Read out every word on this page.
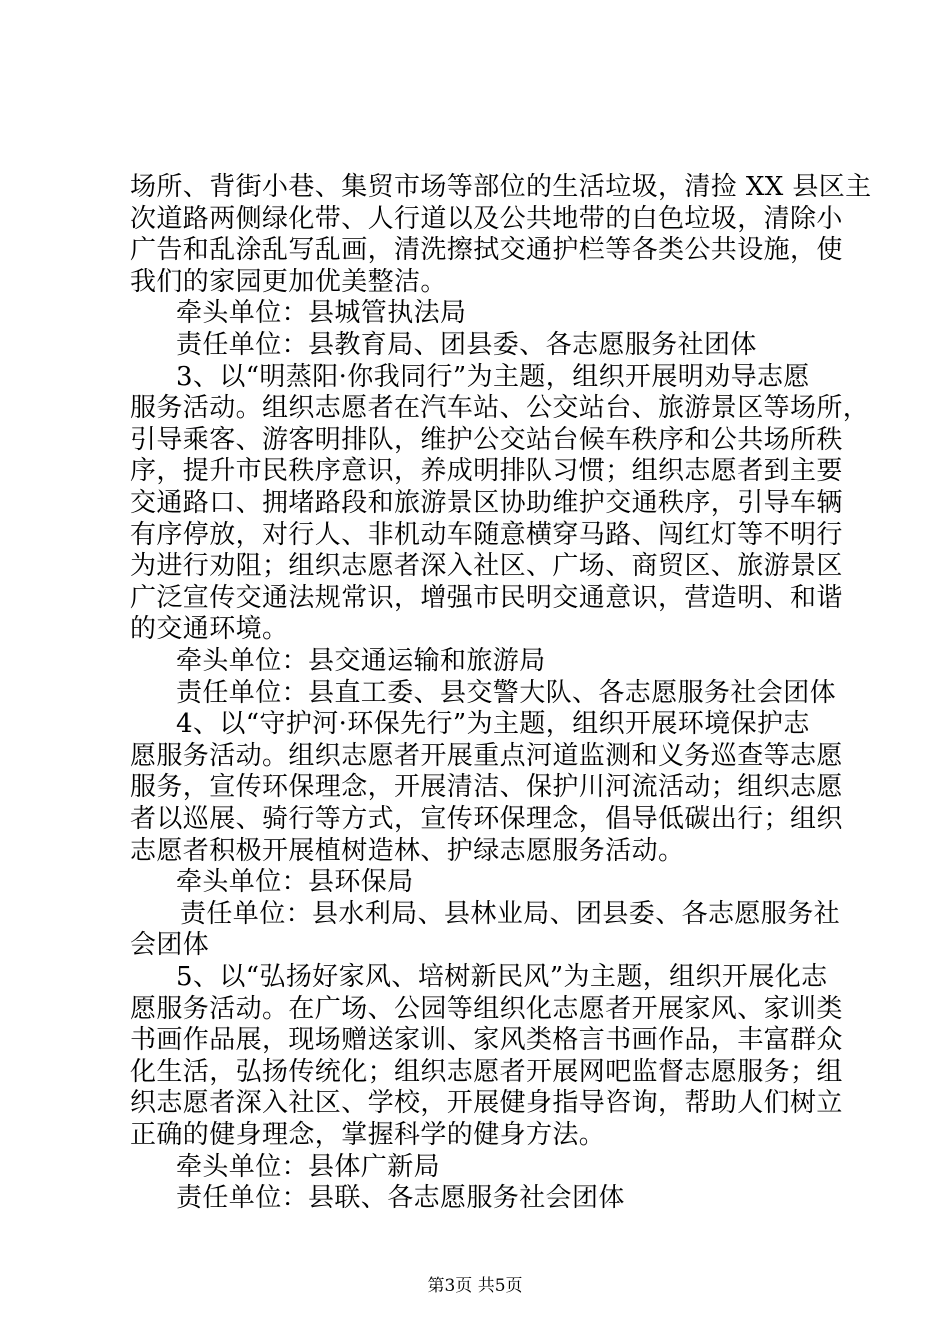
场所、背街小巷、集贸市场等部位的生活垃圾，清捡 XX 县区主
次道路两侧绿化带、人行道以及公共地带的白色垃圾，清除小
广告和乱涂乱写乱画，清洗擦拭交通护栏等各类公共设施，使
我们的家园更加优美整洁。
牵头单位：县城管执法局
责任单位：县教育局、团县委、各志愿服务社团体
3、以“明蒸阳·你我同行”为主题，组织开展明劝导志愿
服务活动。组织志愿者在汽车站、公交站台、旅游景区等场所，
引导乘客、游客明排队，维护公交站台候车秩序和公共场所秩
序，提升市民秩序意识，养成明排队习惯；组织志愿者到主要
交通路口、拥堵路段和旅游景区协助维护交通秩序，引导车辆
有序停放，对行人、非机动车随意横穿马路、闯红灯等不明行
为进行劝阻；组织志愿者深入社区、广场、商贸区、旅游景区
广泛宣传交通法规常识，增强市民明交通意识，营造明、和谐
的交通环境。
牵头单位：县交通运输和旅游局
责任单位：县直工委、县交警大队、各志愿服务社会团体
4、以“守护河·环保先行”为主题，组织开展环境保护志
愿服务活动。组织志愿者开展重点河道监测和义务巡查等志愿
服务，宣传环保理念，开展清洁、保护川河流活动；组织志愿
者以巡展、骑行等方式，宣传环保理念，倡导低碳出行；组织
志愿者积极开展植树造林、护绿志愿服务活动。
牵头单位：县环保局
责任单位：县水利局、县林业局、团县委、各志愿服务社
会团体
5、以“弘扬好家风、培树新民风”为主题，组织开展化志
愿服务活动。在广场、公园等组织化志愿者开展家风、家训类
书画作品展，现场赠送家训、家风类格言书画作品，丰富群众
化生活，弘扬传统化；组织志愿者开展网吧监督志愿服务；组
织志愿者深入社区、学校，开展健身指导咨询，帮助人们树立
正确的健身理念，掌握科学的健身方法。
牵头单位：县体广新局
责任单位：县联、各志愿服务社会团体
第3页 共5页
